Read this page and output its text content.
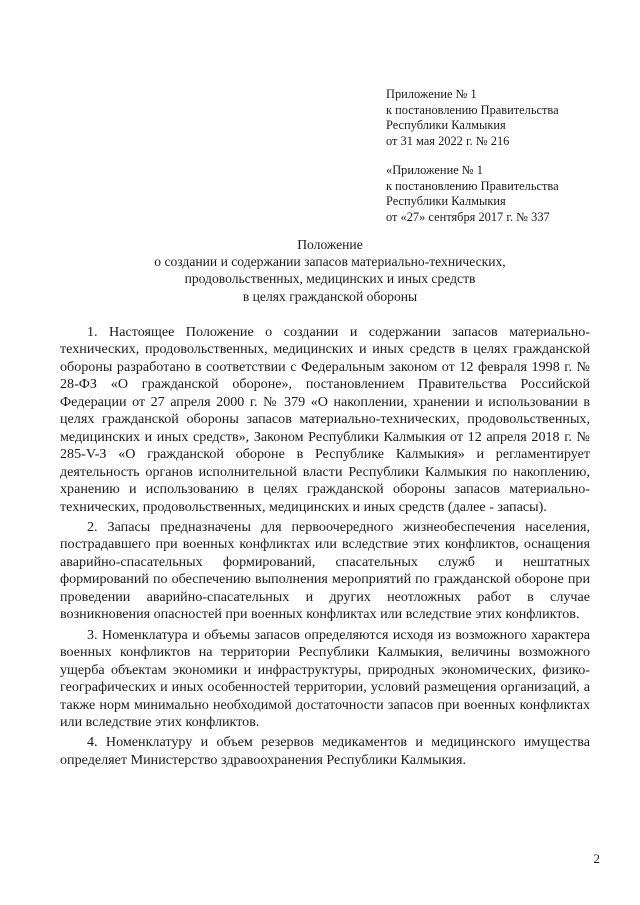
Приложение № 1
к постановлению Правительства
Республики Калмыкия
от 31 мая 2022 г. № 216
«Приложение № 1
к постановлению Правительства
Республики Калмыкия
от «27» сентября 2017 г. № 337
Положение
о создании и содержании запасов материально-технических,
продовольственных, медицинских и иных средств
в целях гражданской обороны

1. Настоящее Положение о создании и содержании запасов материально-технических, продовольственных, медицинских и иных средств в целях гражданской обороны разработано в соответствии с Федеральным законом от 12 февраля 1998 г. № 28-ФЗ «О гражданской обороне», постановлением Правительства Российской Федерации от 27 апреля 2000 г. № 379 «О накоплении, хранении и использовании в целях гражданской обороны запасов материально-технических, продовольственных, медицинских и иных средств», Законом Республики Калмыкия от 12 апреля 2018 г. № 285-V-З «О гражданской обороне в Республике Калмыкия» и регламентирует деятельность органов исполнительной власти Республики Калмыкия по накоплению, хранению и использованию в целях гражданской обороны запасов материально-технических, продовольственных, медицинских и иных средств (далее - запасы).

2. Запасы предназначены для первоочередного жизнеобеспечения населения, пострадавшего при военных конфликтах или вследствие этих конфликтов, оснащения аварийно-спасательных формирований, спасательных служб и нештатных формирований по обеспечению выполнения мероприятий по гражданской обороне при проведении аварийно-спасательных и других неотложных работ в случае возникновения опасностей при военных конфликтах или вследствие этих конфликтов.

3. Номенклатура и объемы запасов определяются исходя из возможного характера военных конфликтов на территории Республики Калмыкия, величины возможного ущерба объектам экономики и инфраструктуры, природных экономических, физико-географических и иных особенностей территории, условий размещения организаций, а также норм минимально необходимой достаточности запасов при военных конфликтах или вследствие этих конфликтов.

4. Номенклатуру и объем резервов медикаментов и медицинского имущества определяет Министерство здравоохранения Республики Калмыкия.

2
